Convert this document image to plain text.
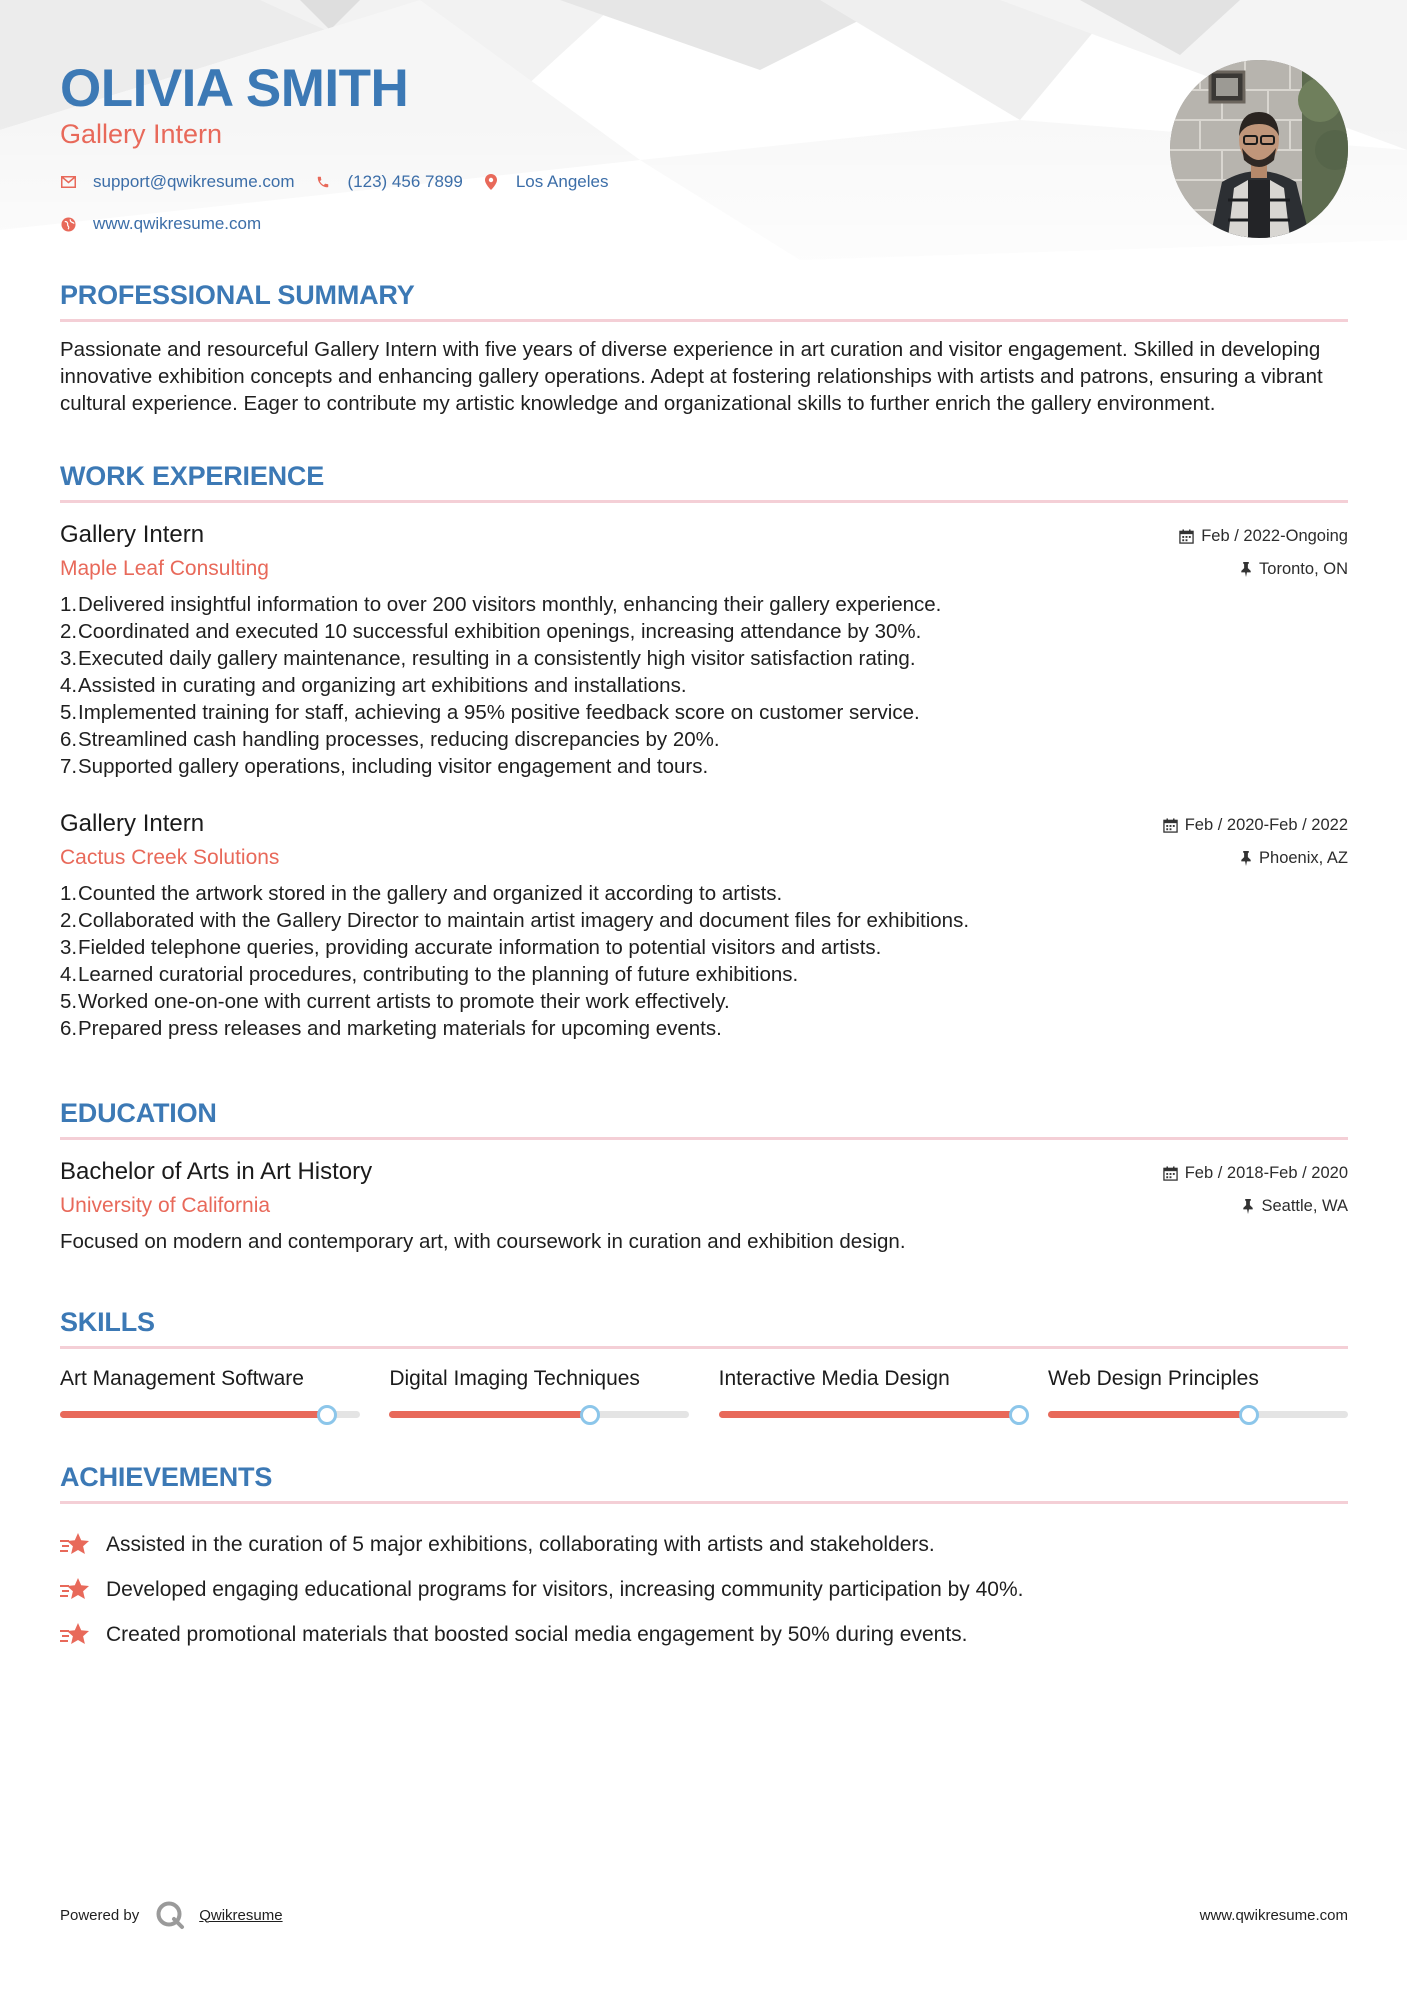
OLIVIA SMITH
Gallery Intern
support@qwikresume.com	(123) 456 7899	Los Angeles
www.qwikresume.com
PROFESSIONAL SUMMARY
Passionate and resourceful Gallery Intern with five years of diverse experience in art curation and visitor engagement. Skilled in developing innovative exhibition concepts and enhancing gallery operations. Adept at fostering relationships with artists and patrons, ensuring a vibrant cultural experience. Eager to contribute my artistic knowledge and organizational skills to further enrich the gallery environment.
WORK EXPERIENCE
Gallery Intern
Maple Leaf Consulting
Feb / 2022-Ongoing
Toronto, ON
1. Delivered insightful information to over 200 visitors monthly, enhancing their gallery experience.
2. Coordinated and executed 10 successful exhibition openings, increasing attendance by 30%.
3. Executed daily gallery maintenance, resulting in a consistently high visitor satisfaction rating.
4. Assisted in curating and organizing art exhibitions and installations.
5. Implemented training for staff, achieving a 95% positive feedback score on customer service.
6. Streamlined cash handling processes, reducing discrepancies by 20%.
7. Supported gallery operations, including visitor engagement and tours.
Gallery Intern
Cactus Creek Solutions
Feb / 2020-Feb / 2022
Phoenix, AZ
1. Counted the artwork stored in the gallery and organized it according to artists.
2. Collaborated with the Gallery Director to maintain artist imagery and document files for exhibitions.
3. Fielded telephone queries, providing accurate information to potential visitors and artists.
4. Learned curatorial procedures, contributing to the planning of future exhibitions.
5. Worked one-on-one with current artists to promote their work effectively.
6. Prepared press releases and marketing materials for upcoming events.
EDUCATION
Bachelor of Arts in Art History
University of California
Feb / 2018-Feb / 2020
Seattle, WA
Focused on modern and contemporary art, with coursework in curation and exhibition design.
SKILLS
Art Management Software	Digital Imaging Techniques	Interactive Media Design	Web Design Principles
ACHIEVEMENTS
Assisted in the curation of 5 major exhibitions, collaborating with artists and stakeholders.
Developed engaging educational programs for visitors, increasing community participation by 40%.
Created promotional materials that boosted social media engagement by 50% during events.
Powered by	Qwikresume	www.qwikresume.com
